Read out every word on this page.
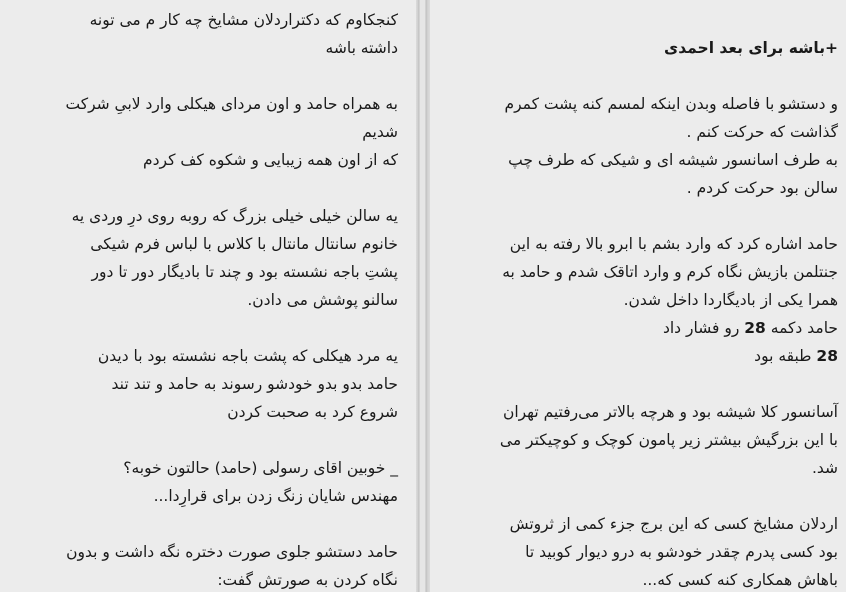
کنجکاوم که دکتراردلان مشایخ چه کار م می تونه
داشته باشه

به همراه حامد و اون مردای هیکلی وارد لابیِ شرکت
شدیم
که از اون همه زیبایی و شکوه کف کردم

یه سالن خیلی خیلی بزرگ که روبه روی درِ وردی یه
خانوم سانتال مانتال با کلاس با لباس فرم شیکی
پشتِ باجه نشسته بود و چند تا بادیگار دور تا دور
سالنو پوشش می دادن.

یه مرد هیکلی که پشت باجه نشسته بود با دیدن
حامد بدو بدو خودشو رسوند به حامد و تند تند
شروع کرد به صحبت کردن

_ خوبین اقای رسولی (حامد) حالتون خوبه؟
مهندس شایان زنگ زدن برای قرارِدا...

حامد دستشو جلوی صورت دختره نگه داشت و بدون
نگاه کردن به صورتش گفت:

+باشه برای بعد احمدی

و دستشو با فاصله وبدن اینکه لمسم کنه پشت کمرم
گذاشت که حرکت کنم .
به طرف اسانسور شیشه ای و شیکی که طرف چپ
سالن بود حرکت کردم .

حامد اشاره کرد که وارد بشم با ابرو بالا رفته به این
جنتلمن بازیش نگاه کرم و وارد اتاقک شدم و حامد به
همرا یکی از بادیگاردا داخل شدن.

حامد دکمه 28 رو فشار داد

28 طبقه بود

آسانسور کلا شیشه بود و هرچه بالاتر می‌رفتیم تهران
با این بزرگیش بیشتر زیر پامون کوچک و کوچیکتر می
شد.

اردلان مشایخ کسی که این برج جزء کمی از ثروتش
بود کسی پدرم چقدر خودشو به درو دیوار کوبید تا
باهاش همکاری کنه کسی که...
